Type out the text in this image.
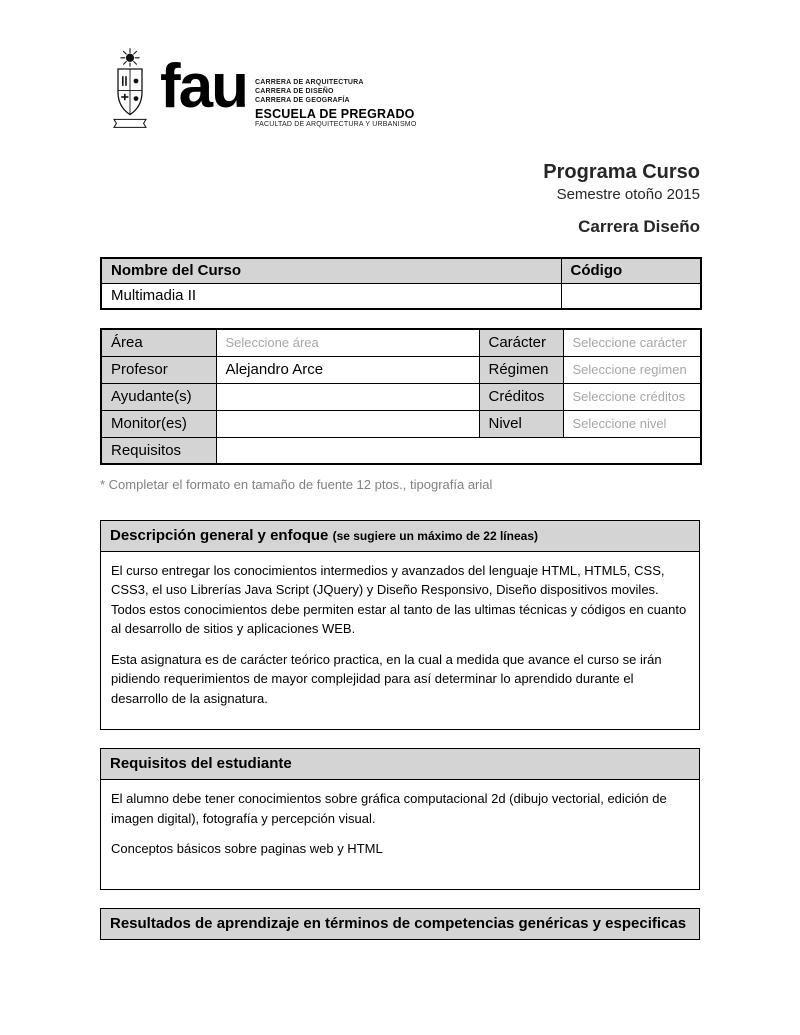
fau CARRERA DE ARQUITECTURA
CARRERA DE DISEÑO
CARRERA DE GEOGRAFÍA
ESCUELA DE PREGRADO
FACULTAD DE ARQUITECTURA Y URBANISMO
Programa Curso
Semestre otoño 2015
Carrera Diseño
Nombre del Curso	Código
Multimadia II	
Área	Seleccione área	Carácter	Seleccione carácter
Profesor	Alejandro Arce	Régimen	Seleccione regimen
Ayudante(s)		Créditos	Seleccione créditos
Monitor(es)		Nivel	Seleccione nivel
Requisitos			

* Completar el formato en tamaño de fuente 12 ptos., tipografía arial

Descripción general y enfoque (se sugiere un máximo de 22 líneas)

El curso entregar los conocimientos intermedios y avanzados del lenguaje HTML, HTML5, CSS, CSS3, el uso Librerías Java Script (JQuery) y Diseño Responsivo, Diseño dispositivos moviles. Todos estos conocimientos debe permiten estar al tanto de las ultimas técnicas y códigos en cuanto al desarrollo de sitios y aplicaciones WEB.

Esta asignatura es de carácter teórico practica, en la cual a medida que avance el curso se irán pidiendo requerimientos de mayor complejidad para así determinar lo aprendido durante el desarrollo de la asignatura.

Requisitos del estudiante

El alumno debe tener conocimientos sobre gráfica computacional 2d (dibujo vectorial, edición de imagen digital), fotografía y percepción visual.

Conceptos básicos sobre paginas web y HTML

Resultados de aprendizaje en términos de competencias genéricas y especificas
